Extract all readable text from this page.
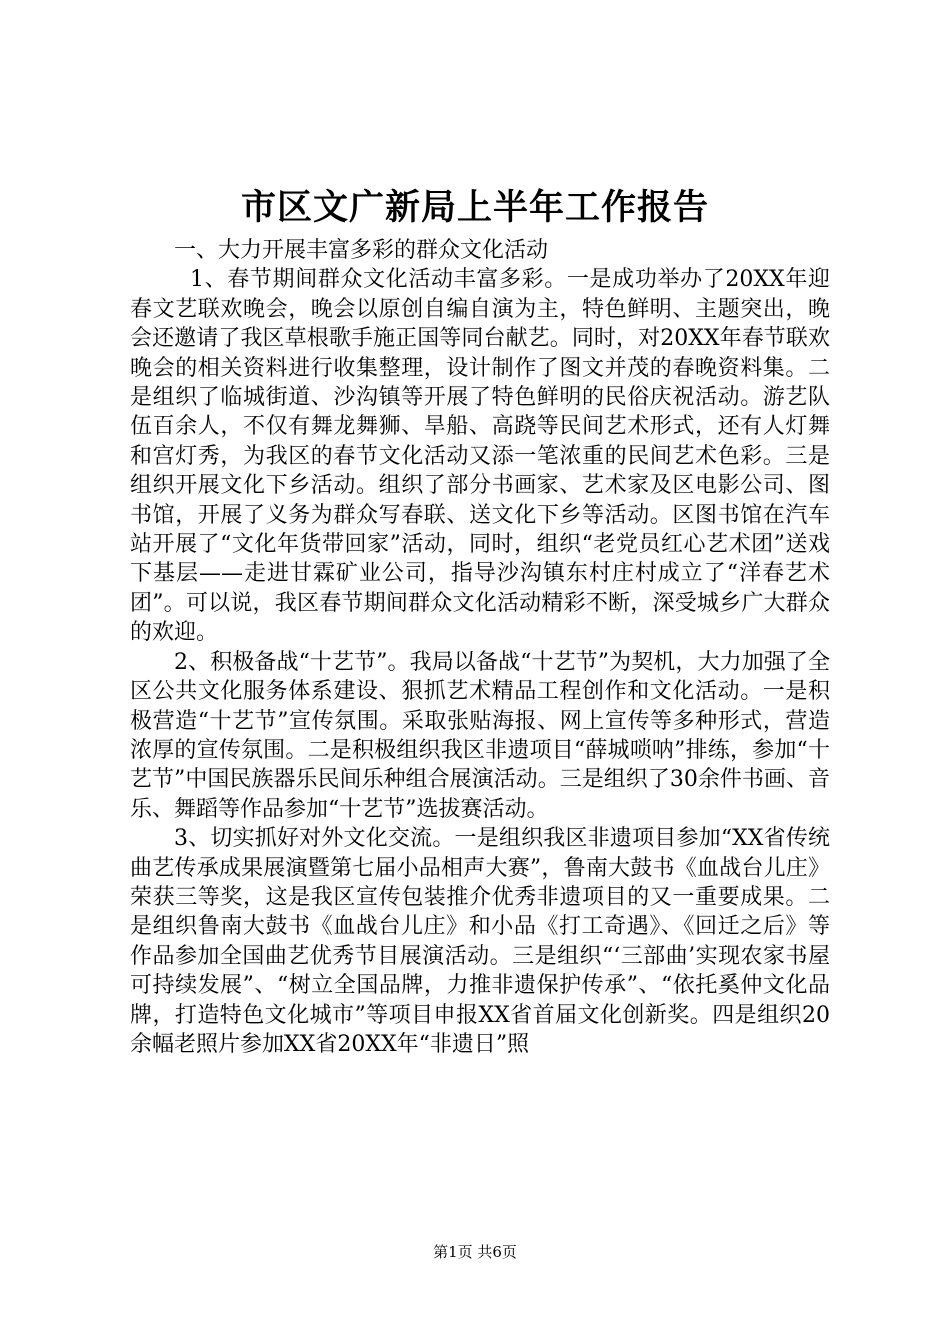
市区文广新局上半年工作报告

一、大力开展丰富多彩的群众文化活动

1、春节期间群众文化活动丰富多彩。一是成功举办了20XX年迎春文艺联欢晚会，晚会以原创自编自演为主，特色鲜明、主题突出，晚会还邀请了我区草根歌手施正国等同台献艺。同时，对20XX年春节联欢晚会的相关资料进行收集整理，设计制作了图文并茂的春晚资料集。二是组织了临城街道、沙沟镇等开展了特色鲜明的民俗庆祝活动。游艺队伍百余人，不仅有舞龙舞狮、旱船、高跷等民间艺术形式，还有人灯舞和宫灯秀，为我区的春节文化活动又添一笔浓重的民间艺术色彩。三是组织开展文化下乡活动。组织了部分书画家、艺术家及区电影公司、图书馆，开展了义务为群众写春联、送文化下乡等活动。区图书馆在汽车站开展了“文化年货带回家”活动，同时，组织“老党员红心艺术团”送戏下基层——走进甘霖矿业公司，指导沙沟镇东村庄村成立了“洋春艺术团”。可以说，我区春节期间群众文化活动精彩不断，深受城乡广大群众的欢迎。

2、积极备战“十艺节”。我局以备战“十艺节”为契机，大力加强了全区公共文化服务体系建设、狠抓艺术精品工程创作和文化活动。一是积极营造“十艺节”宣传氛围。采取张贴海报、网上宣传等多种形式，营造浓厚的宣传氛围。二是积极组织我区非遗项目“薛城唢呐”排练，参加“十艺节”中国民族器乐民间乐种组合展演活动。三是组织了30余件书画、音乐、舞蹈等作品参加“十艺节”选拔赛活动。

3、切实抓好对外文化交流。一是组织我区非遗项目参加“XX省传统曲艺传承成果展演暨第七届小品相声大赛”，鲁南大鼓书《血战台儿庄》荣获三等奖，这是我区宣传包装推介优秀非遗项目的又一重要成果。二是组织鲁南大鼓书《血战台儿庄》和小品《打工奇遇》、《回迁之后》等作品参加全国曲艺优秀节目展演活动。三是组织“‘三部曲’实现农家书屋可持续发展”、“树立全国品牌，力推非遗保护传承”、“依托奚仲文化品牌，打造特色文化城市”等项目申报XX省首届文化创新奖。四是组织20余幅老照片参加XX省20XX年“非遗日”照

第1页 共6页
